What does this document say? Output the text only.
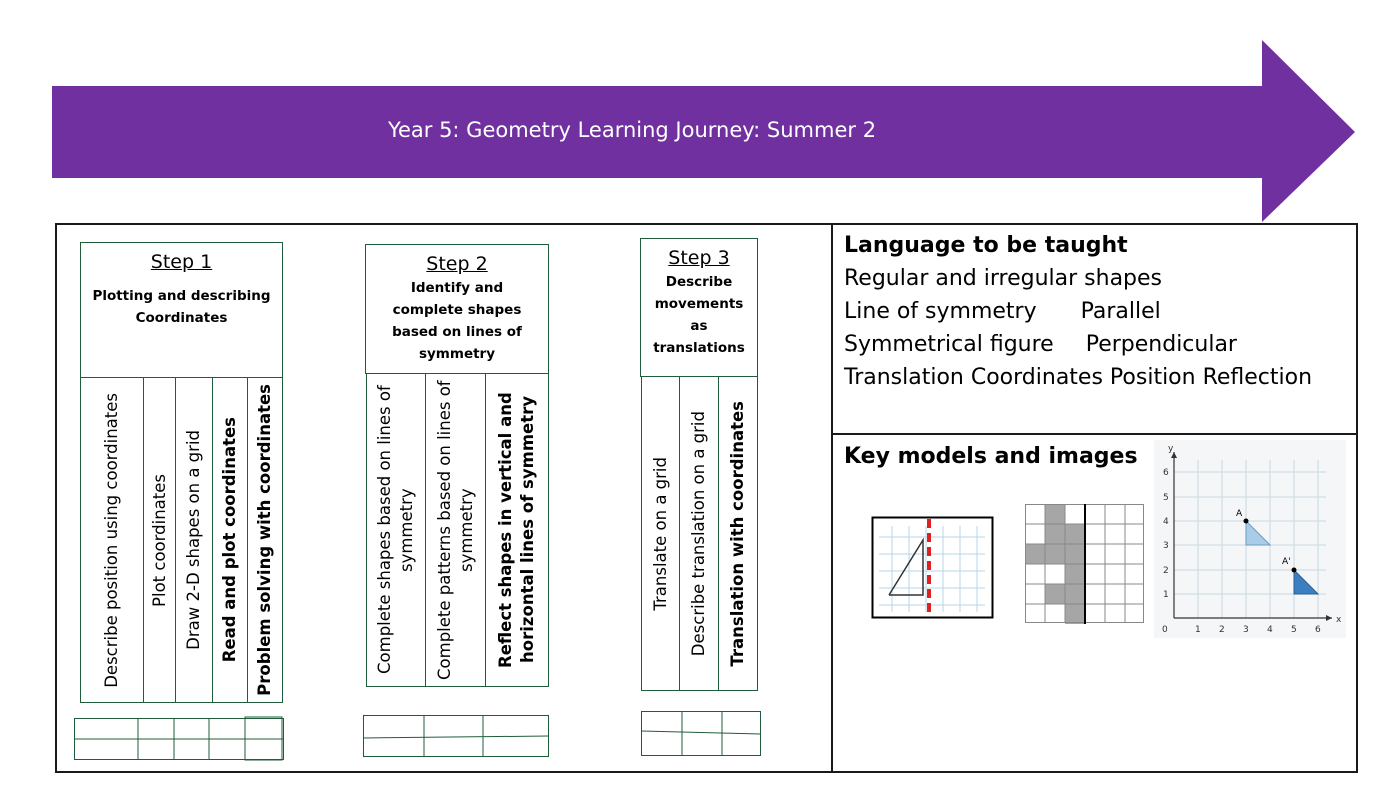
Year 5: Geometry Learning Journey: Summer 2
Step 1
Plotting and describing
Coordinates
Describe position using coordinates Plot coordinates Draw 2-D shapes on a grid Read and plot coordinates Problem solving with coordinates
Step 2
Identify and
complete shapes
based on lines of
symmetry
Complete shapes based on lines of symmetry Complete patterns based on lines of symmetry Reflect shapes in vertical and horizontal lines of symmetry
Step 3
Describe
movements
as
translations
Translate on a grid Describe translation on a grid Translation with coordinates
Language to be taught
Regular and irregular shapes
Line of symmetry Parallel
Symmetrical figure Perpendicular
Translation Coordinates Position Reflection
Key models and images
x
y
0	1 2 3 4 5 6
1
2
3
4
5
6
A
A'
